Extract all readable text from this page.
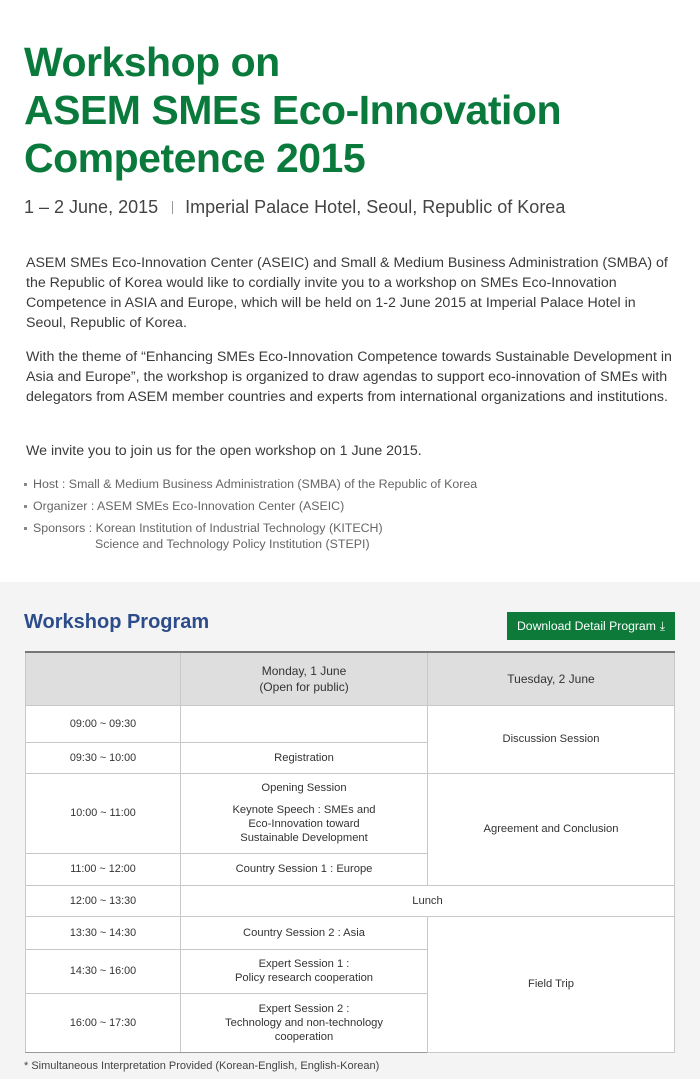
Workshop on
ASEM SMEs Eco-Innovation
Competence 2015
1 – 2 June, 2015 Imperial Palace Hotel, Seoul, Republic of Korea

ASEM SMEs Eco-Innovation Center (ASEIC) and Small & Medium Business Administration (SMBA) of the Republic of Korea would like to cordially invite you to a workshop on SMEs Eco-Innovation Competence in ASIA and Europe, which will be held on 1-2 June 2015 at Imperial Palace Hotel in Seoul, Republic of Korea.

With the theme of “Enhancing SMEs Eco-Innovation Competence towards Sustainable Development in Asia and Europe”, the workshop is organized to draw agendas to support eco-innovation of SMEs with delegators from ASEM member countries and experts from international organizations and institutions.

We invite you to join us for the open workshop on 1 June 2015.

Host : Small & Medium Business Administration (SMBA) of the Republic of Korea
Organizer : ASEM SMEs Eco-Innovation Center (ASEIC)
Sponsors : Korean Institution of Industrial Technology (KITECH)
Science and Technology Policy Institution (STEPI)
Workshop Program	Download Detail Program ⤓
	Monday, 1 June
(Open for public)	Tuesday, 2 June
09:00 ~ 09:30		Discussion Session
09:30 ~ 10:00	Registration	
10:00 ~ 11:00	Opening Session
Keynote Speech : SMEs and
Eco-Innovation toward
Sustainable Development	Agreement and Conclusion
11:00 ~ 12:00	Country Session 1 : Europe	
12:00 ~ 13:30	Lunch	
13:30 ~ 14:30	Country Session 2 : Asia	Field Trip
14:30 ~ 16:00	Expert Session 1 :
Policy research cooperation	
16:00 ~ 17:30	Expert Session 2 :
Technology and non-technology
cooperation	
* Simultaneous Interpretation Provided (Korean-English, English-Korean)
